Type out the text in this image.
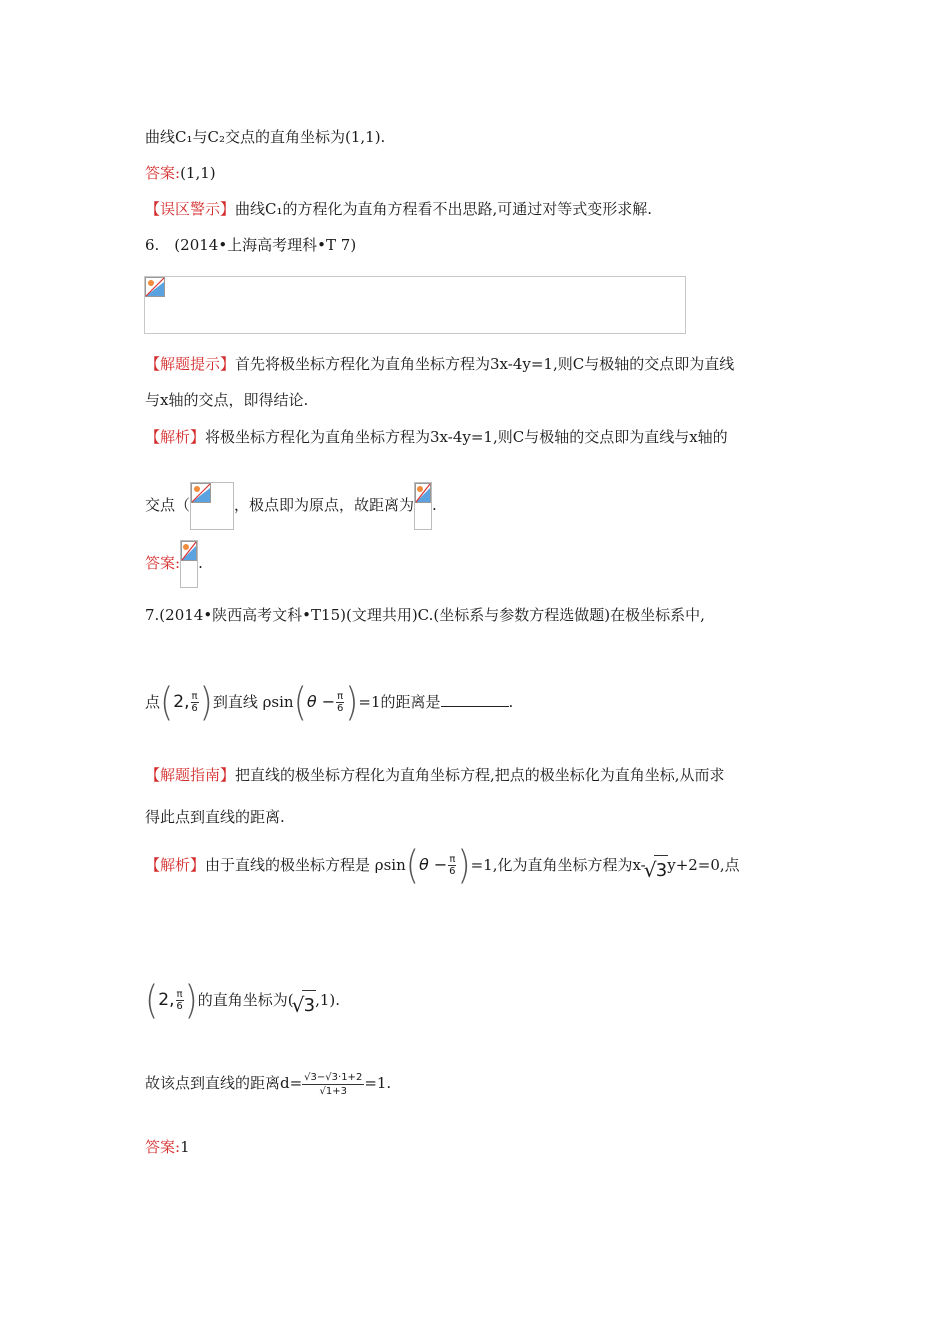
曲线C₁与C₂交点的直角坐标为(1,1).
答案:(1,1)
【误区警示】曲线C₁的方程化为直角方程看不出思路,可通过对等式变形求解.
6.　(2014•上海高考理科•T 7)
【解题提示】首先将极坐标方程化为直角坐标方程为3x-4y=1,则C与极轴的交点即为直线
与x轴的交点，即得结论.
【解析】将极坐标方程化为直角坐标方程为3x-4y=1,则C与极轴的交点即为直线与x轴的
交点（	，极点即为原点，故距离为 .
答案: .
7.(2014•陕西高考文科•T15)(文理共用)C.(坐标系与参数方程选做题)在极坐标系中,
点(2, $\frac{\pi}{6}$ )到直线 $\rho\sin(\theta - \frac{\pi}{6} )=1$的距离是	.
【解题指南】把直线的极坐标方程化为直角坐标方程,把点的极坐标化为直角坐标,从而求
得此点到直线的距离.
【解析】由于直线的极坐标方程是 $\rho\sin(\theta - \frac{\pi}{6} )=1$,化为直角坐标方程为x-
√ 3y+2=0,点
(2, $\frac{\pi}{6}$ )的直角坐标为(
√ 3,1).
故该点到直线的距离$d= \frac{√3-√3\cdot 1+2}{√1+3} =1$.
答案:1
